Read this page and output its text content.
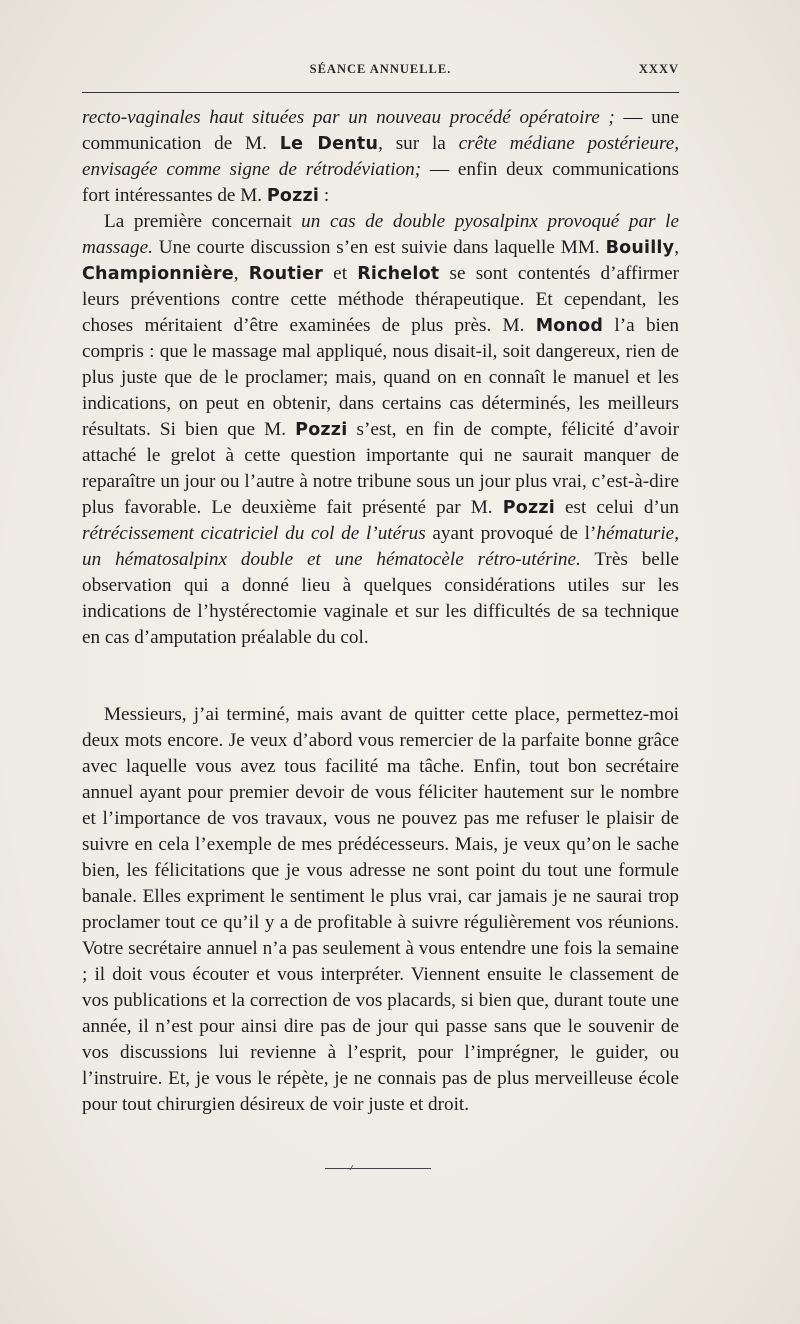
SÉANCE ANNUELLE.	XXXV

recto-vaginales haut situées par un nouveau procédé opératoire ; — une communication de M. Le Dentu, sur la crête médiane postérieure, envisagée comme signe de rétrodéviation; — enfin deux communications fort intéressantes de M. Pozzi :

La première concernait un cas de double pyosalpinx provoqué par le massage. Une courte discussion s’en est suivie dans laquelle MM. Bouilly, Championnière, Routier et Richelot se sont contentés d’affirmer leurs préventions contre cette méthode thérapeutique. Et cependant, les choses méritaient d’être examinées de plus près. M. Monod l’a bien compris : que le massage mal appliqué, nous disait-il, soit dangereux, rien de plus juste que de le proclamer; mais, quand on en connaît le manuel et les indications, on peut en obtenir, dans certains cas déterminés, les meilleurs résultats. Si bien que M. Pozzi s’est, en fin de compte, félicité d’avoir attaché le grelot à cette question importante qui ne saurait manquer de reparaître un jour ou l’autre à notre tribune sous un jour plus vrai, c’est-à-dire plus favorable. Le deuxième fait présenté par M. Pozzi est celui d’un rétrécissement cicatriciel du col de l’utérus ayant provoqué de l’hématurie, un hématosalpinx double et une hématocèle rétro-utérine. Très belle observation qui a donné lieu à quelques considérations utiles sur les indications de l’hystérectomie vaginale et sur les difficultés de sa technique en cas d’amputation préalable du col.

Messieurs, j’ai terminé, mais avant de quitter cette place, permettez-moi deux mots encore. Je veux d’abord vous remercier de la parfaite bonne grâce avec laquelle vous avez tous facilité ma tâche. Enfin, tout bon secrétaire annuel ayant pour premier devoir de vous féliciter hautement sur le nombre et l’importance de vos travaux, vous ne pouvez pas me refuser le plaisir de suivre en cela l’exemple de mes prédécesseurs. Mais, je veux qu’on le sache bien, les félicitations que je vous adresse ne sont point du tout une formule banale. Elles expriment le sentiment le plus vrai, car jamais je ne saurai trop proclamer tout ce qu’il y a de profitable à suivre régulièrement vos réunions. Votre secrétaire annuel n’a pas seulement à vous entendre une fois la semaine ; il doit vous écouter et vous interpréter. Viennent ensuite le classement de vos publications et la correction de vos placards, si bien que, durant toute une année, il n’est pour ainsi dire pas de jour qui passe sans que le souvenir de vos discussions lui revienne à l’esprit, pour l’imprégner, le guider, ou l’instruire. Et, je vous le répète, je ne connais pas de plus merveilleuse école pour tout chirurgien désireux de voir juste et droit.
